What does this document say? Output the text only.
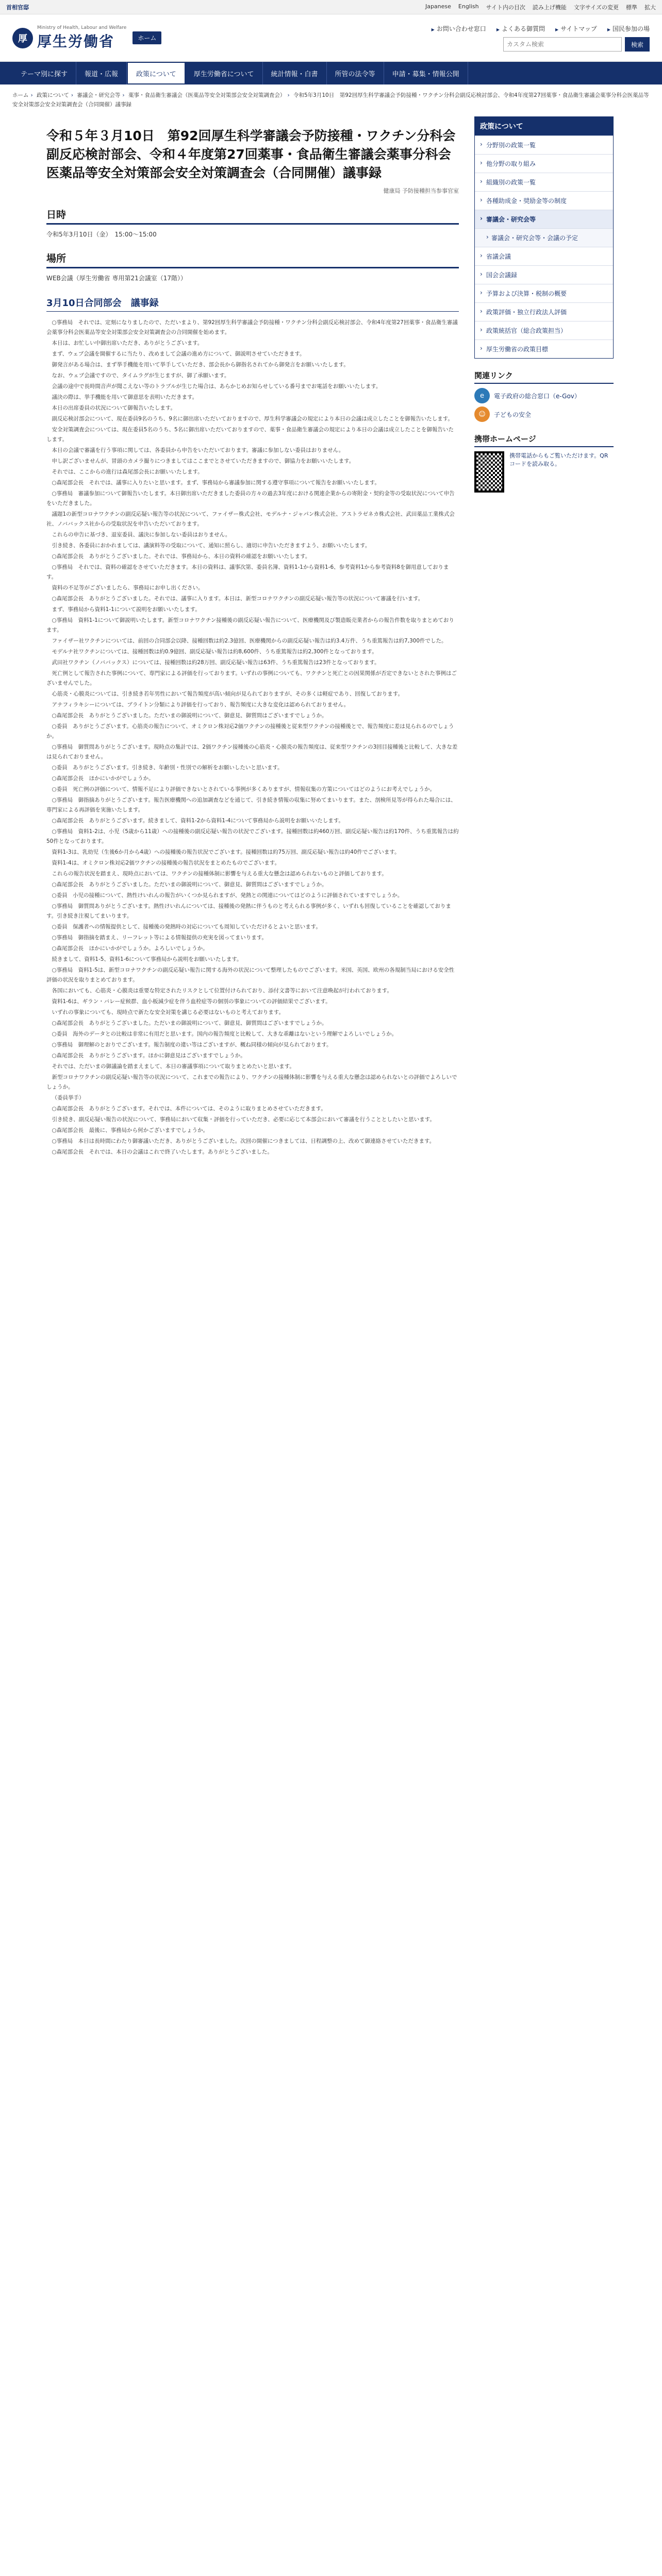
首相官邸	Japanese English サイト内の目次 読み上げ機能 文字サイズの変更 標準 拡大
厚
Ministry of Health, Labour and Welfare
厚生労働省	ホーム
▶ お問い合わせ窓口	▶ よくある御質問	▶ サイトマップ	▶ 国民参加の場
カスタム検索
検索
テーマ別に探す	報道・広報	政策について	厚生労働省について	統計情報・白書	所管の法令等	申請・募集・情報公開
ホーム › 政策について › 審議会・研究会等 › 薬事・食品衛生審議会（医薬品等安全対策部会安全対策調査会） › 令和5年3月10日　第92回厚生科学審議会予防接種・ワクチン分科会副反応検討部会、令和4年度第27回薬事・食品衛生審議会薬事分科会医薬品等安全対策部会安全対策調査会（合同開催）議事録
令和５年３月10日　第92回厚生科学審議会予防接種・ワクチン分科会副反応検討部会、令和４年度第27回薬事・食品衛生審議会薬事分科会医薬品等安全対策部会安全対策調査会（合同開催）議事録
健康局 予防接種担当参事官室
日時

令和5年3月10日（金）　15:00～15:00

場所

WEB会議（厚生労働省 専用第21会議室（17階））

3月10日合同部会　議事録

○事務局　それでは、定刻になりましたので、ただいまより、第92回厚生科学審議会予防接種・ワクチン分科会副反応検討部会、令和4年度第27回薬事・食品衛生審議会薬事分科会医薬品等安全対策部会安全対策調査会の合同開催を始めます。

本日は、お忙しい中御出席いただき、ありがとうございます。

まず、ウェブ会議を開催するに当たり、改めまして会議の進め方について、御説明させていただきます。

御発言がある場合は、まず挙手機能を用いて挙手していただき、部会長から御指名されてから御発言をお願いいたします。

なお、ウェブ会議ですので、タイムラグが生じますが、御了承願います。

会議の途中で長時間音声が聞こえない等のトラブルが生じた場合は、あらかじめお知らせしている番号までお電話をお願いいたします。

議決の際は、挙手機能を用いて御意思を表明いただきます。

本日の出席委員の状況について御報告いたします。

副反応検討部会について、現在委員9名のうち、9名に御出席いただいておりますので、厚生科学審議会の規定により本日の会議は成立したことを御報告いたします。

安全対策調査会については、現在委員5名のうち、5名に御出席いただいておりますので、薬事・食品衛生審議会の規定により本日の会議は成立したことを御報告いたします。

本日の会議で審議を行う事項に関しては、各委員から申告をいただいております。審議に参加しない委員はおりません。

申し訳ございませんが、冒頭のカメラ撮りにつきましてはここまでとさせていただきますので、御協力をお願いいたします。

それでは、ここからの進行は森尾部会長にお願いいたします。

○森尾部会長　それでは、議事に入りたいと思います。まず、事務局から審議参加に関する遵守事項について報告をお願いいたします。

○事務局　審議参加について御報告いたします。本日御出席いただきました委員の方々の過去3年度における関連企業からの寄附金・契約金等の受取状況について申告をいただきました。

議題1の新型コロナワクチンの副反応疑い報告等の状況について、ファイザー株式会社、モデルナ・ジャパン株式会社、アストラゼネカ株式会社、武田薬品工業株式会社、ノババックス社からの受取状況を申告いただいております。

これらの申告に基づき、退室委員、議決に参加しない委員はおりません。

引き続き、各委員におかれましては、講演料等の受取について、通知に照らし、適切に申告いただきますよう、お願いいたします。

○森尾部会長　ありがとうございました。それでは、事務局から、本日の資料の確認をお願いいたします。

○事務局　それでは、資料の確認をさせていただきます。本日の資料は、議事次第、委員名簿、資料1-1から資料1-6、参考資料1から参考資料8を御用意しております。

資料の不足等がございましたら、事務局にお申し出ください。

○森尾部会長　ありがとうございました。それでは、議事に入ります。本日は、新型コロナワクチンの副反応疑い報告等の状況について審議を行います。

まず、事務局から資料1-1について説明をお願いいたします。

○事務局　資料1-1について御説明いたします。新型コロナワクチン接種後の副反応疑い報告について、医療機関及び製造販売業者からの報告件数を取りまとめております。

ファイザー社ワクチンについては、前回の合同部会以降、接種回数は約2.3億回、医療機関からの副反応疑い報告は約3.4万件、うち重篤報告は約7,300件でした。

モデルナ社ワクチンについては、接種回数は約0.9億回、副反応疑い報告は約8,600件、うち重篤報告は約2,300件となっております。

武田社ワクチン（ノババックス）については、接種回数は約28万回、副反応疑い報告は63件、うち重篤報告は23件となっております。

死亡例として報告された事例について、専門家による評価を行っております。いずれの事例についても、ワクチンと死亡との因果関係が否定できないとされた事例はございませんでした。

心筋炎・心膜炎については、引き続き若年男性において報告頻度が高い傾向が見られておりますが、その多くは軽症であり、回復しております。

アナフィラキシーについては、ブライトン分類により評価を行っており、報告頻度に大きな変化は認められておりません。

○森尾部会長　ありがとうございました。ただいまの御説明について、御意見、御質問はございますでしょうか。

○委員　ありがとうございます。心筋炎の報告について、オミクロン株対応2価ワクチンの接種後と従来型ワクチンの接種後とで、報告頻度に差は見られるのでしょうか。

○事務局　御質問ありがとうございます。現時点の集計では、2価ワクチン接種後の心筋炎・心膜炎の報告頻度は、従来型ワクチンの3回目接種後と比較して、大きな差は見られておりません。

○委員　ありがとうございます。引き続き、年齢別・性別での解析をお願いしたいと思います。

○森尾部会長　ほかにいかがでしょうか。

○委員　死亡例の評価について、情報不足により評価できないとされている事例が多くありますが、情報収集の方策についてはどのようにお考えでしょうか。

○事務局　御指摘ありがとうございます。報告医療機関への追加調査などを通じて、引き続き情報の収集に努めてまいります。また、剖検所見等が得られた場合には、専門家による再評価を実施いたします。

○森尾部会長　ありがとうございます。続きまして、資料1-2から資料1-4について事務局から説明をお願いいたします。

○事務局　資料1-2は、小児（5歳から11歳）への接種後の副反応疑い報告の状況でございます。接種回数は約460万回、副反応疑い報告は約170件、うち重篤報告は約50件となっております。

資料1-3は、乳幼児（生後6か月から4歳）への接種後の報告状況でございます。接種回数は約75万回、副反応疑い報告は約40件でございます。

資料1-4は、オミクロン株対応2価ワクチンの接種後の報告状況をまとめたものでございます。

これらの報告状況を踏まえ、現時点においては、ワクチンの接種体制に影響を与える重大な懸念は認められないものと評価しております。

○森尾部会長　ありがとうございました。ただいまの御説明について、御意見、御質問はございますでしょうか。

○委員　小児の接種について、熱性けいれんの報告がいくつか見られますが、発熱との関連についてはどのように評価されていますでしょうか。

○事務局　御質問ありがとうございます。熱性けいれんについては、接種後の発熱に伴うものと考えられる事例が多く、いずれも回復していることを確認しております。引き続き注視してまいります。

○委員　保護者への情報提供として、接種後の発熱時の対応についても周知していただけるとよいと思います。

○事務局　御指摘を踏まえ、リーフレット等による情報提供の充実を図ってまいります。

○森尾部会長　ほかにいかがでしょうか。よろしいでしょうか。

続きまして、資料1-5、資料1-6について事務局から説明をお願いいたします。

○事務局　資料1-5は、新型コロナワクチンの副反応疑い報告に関する海外の状況について整理したものでございます。米国、英国、欧州の各規制当局における安全性評価の状況を取りまとめております。

各国においても、心筋炎・心膜炎は重要な特定されたリスクとして位置付けられており、添付文書等において注意喚起が行われております。

資料1-6は、ギラン・バレー症候群、血小板減少症を伴う血栓症等の個別の事象についての評価結果でございます。

いずれの事象についても、現時点で新たな安全対策を講じる必要はないものと考えております。

○森尾部会長　ありがとうございました。ただいまの御説明について、御意見、御質問はございますでしょうか。

○委員　海外のデータとの比較は非常に有用だと思います。国内の報告頻度と比較して、大きな乖離はないという理解でよろしいでしょうか。

○事務局　御理解のとおりでございます。報告制度の違い等はございますが、概ね同様の傾向が見られております。

○森尾部会長　ありがとうございます。ほかに御意見はございますでしょうか。

それでは、ただいまの御議論を踏まえまして、本日の審議事項について取りまとめたいと思います。

新型コロナワクチンの副反応疑い報告等の状況について、これまでの報告により、ワクチンの接種体制に影響を与える重大な懸念は認められないとの評価でよろしいでしょうか。

（委員挙手）

○森尾部会長　ありがとうございます。それでは、本件については、そのように取りまとめさせていただきます。

引き続き、副反応疑い報告の状況について、事務局において収集・評価を行っていただき、必要に応じて本部会において審議を行うこととしたいと思います。

○森尾部会長　最後に、事務局から何かございますでしょうか。

○事務局　本日は長時間にわたり御審議いただき、ありがとうございました。次回の開催につきましては、日程調整の上、改めて御連絡させていただきます。

○森尾部会長　それでは、本日の会議はこれで終了いたします。ありがとうございました。

政策について
› 分野別の政策一覧
› 他分野の取り組み
› 組織別の政策一覧
› 各種助成金・奨励金等の制度
› 審議会・研究会等
› 審議会・研究会等・会議の予定
› 省議会議
› 国会会議録
› 予算および決算・税制の概要
› 政策評価・独立行政法人評価
› 政策統括官（総合政策担当）
› 厚生労働省の政策目標
関連リンク
e	電子政府の総合窓口（e-Gov）
☺	子どもの安全
携帯ホームページ
携帯電話からもご覧いただけます。QRコードを読み取る。
